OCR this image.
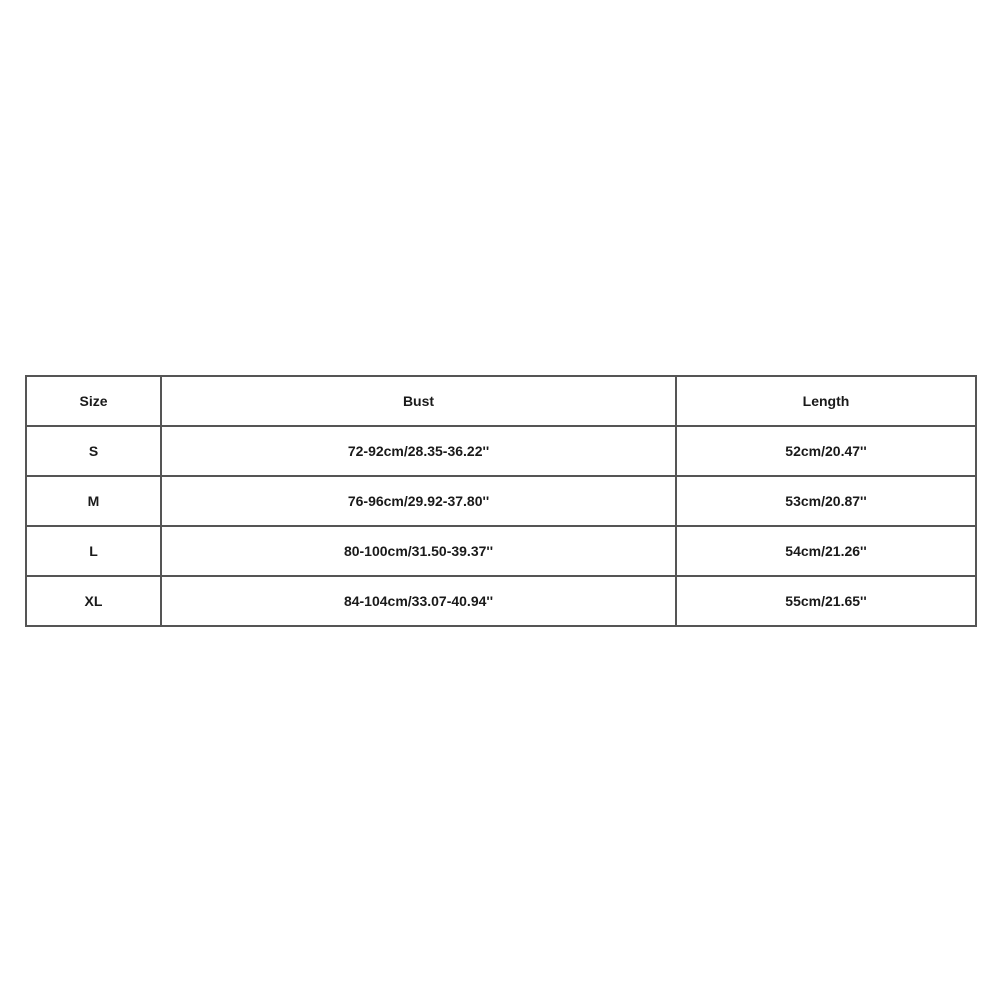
Size	Bust	Length
S	72-92cm/28.35-36.22''	52cm/20.47''
M	76-96cm/29.92-37.80''	53cm/20.87''
L	80-100cm/31.50-39.37''	54cm/21.26''
XL	84-104cm/33.07-40.94''	55cm/21.65''
